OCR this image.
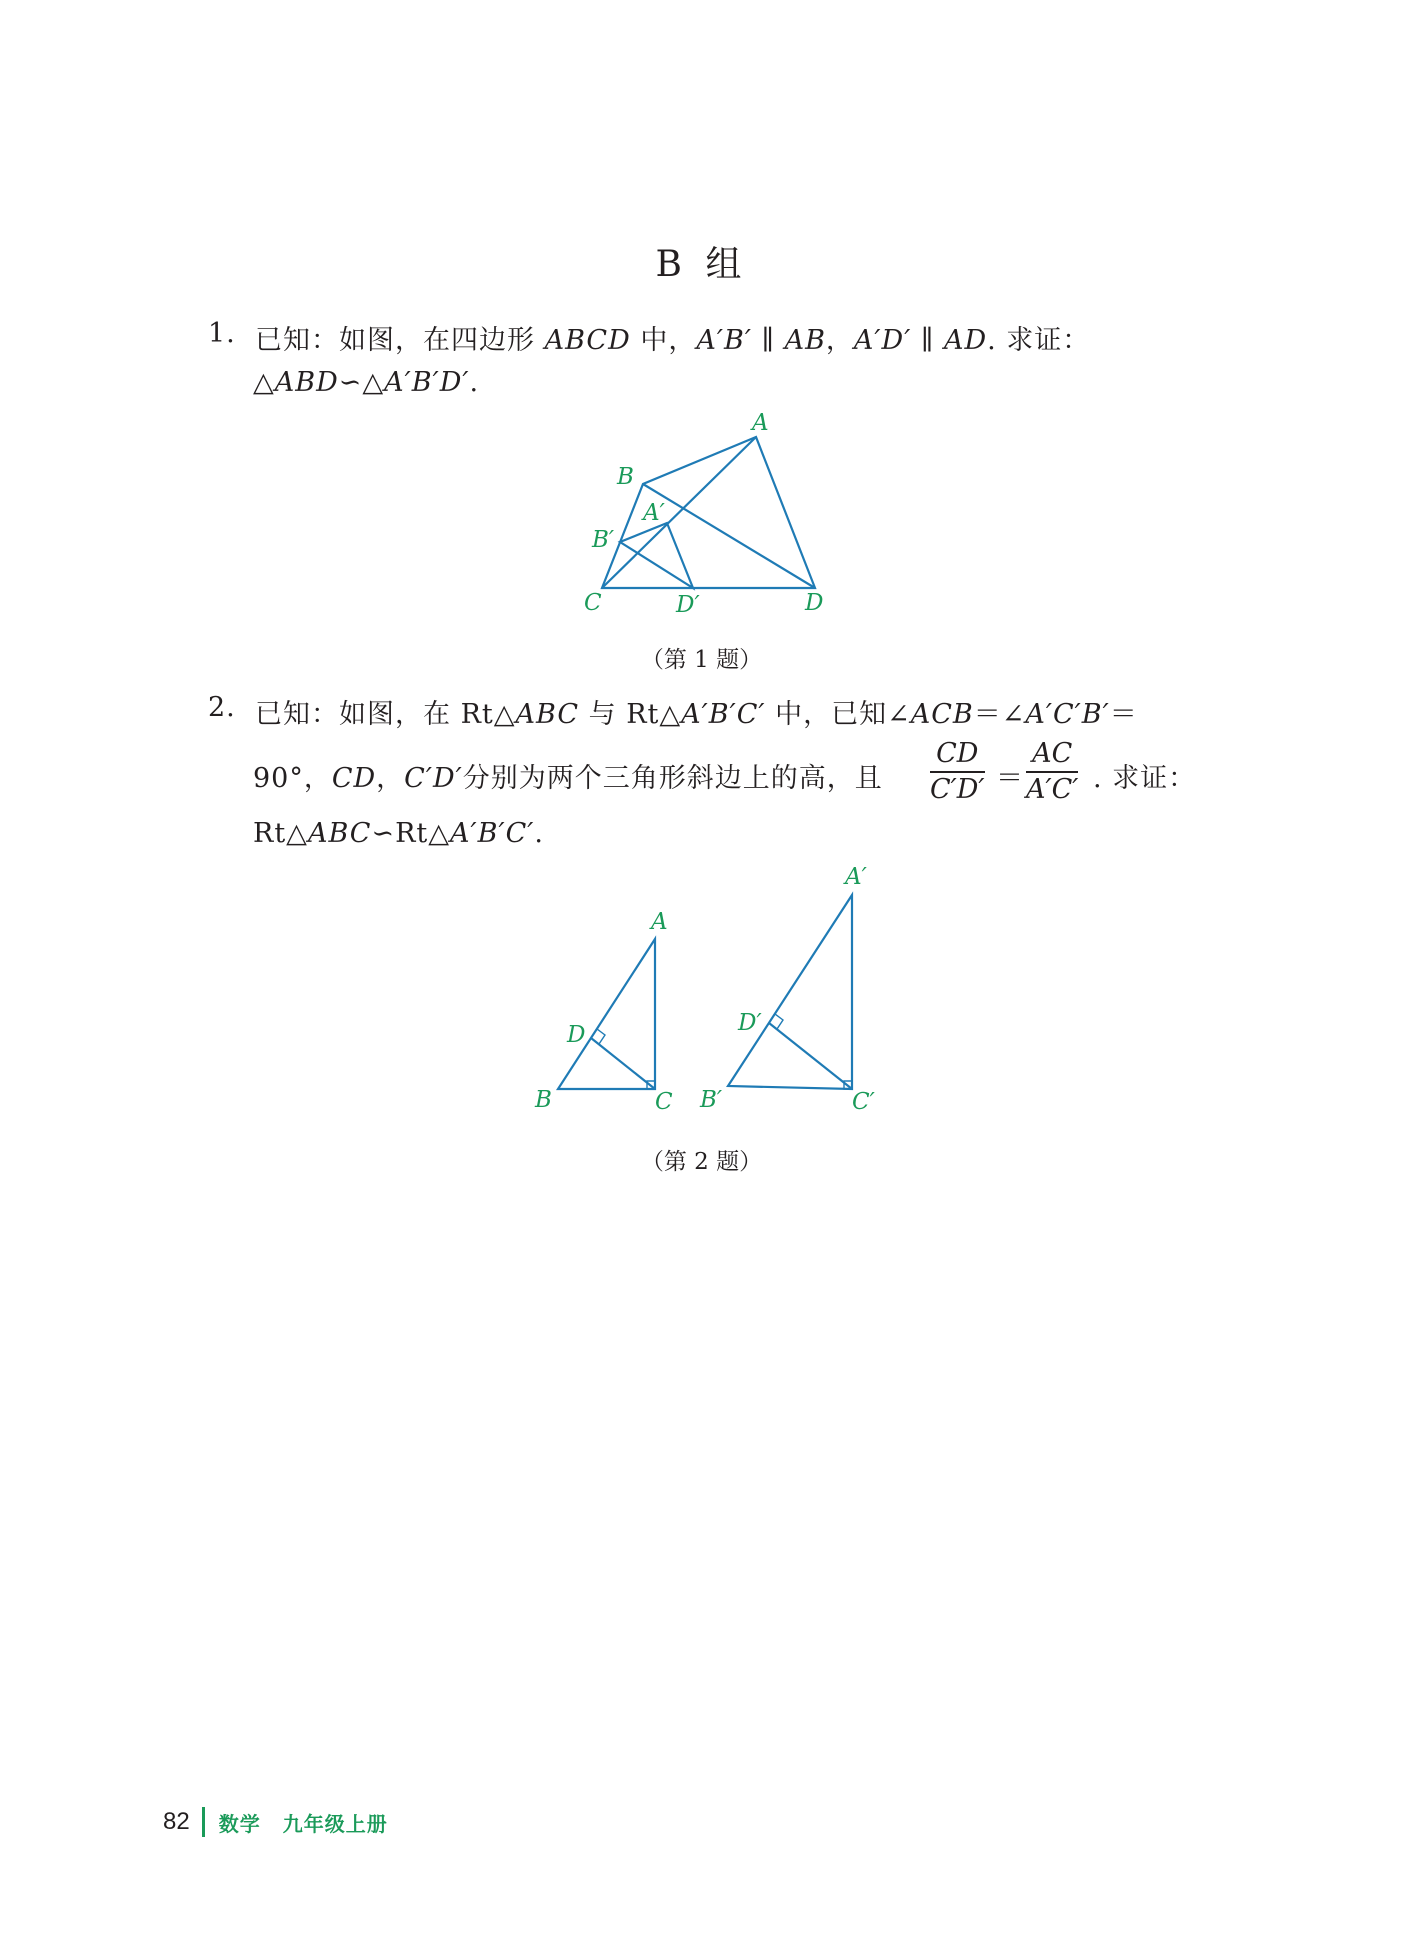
B 组
1. 已知：如图，在四边形 ABCD 中，A′B′ ∥ AB，A′D′ ∥ AD. 求证：
△ABD∽△A′B′D′.
A
B
A′
B′
C	D′	D
A
D
B	C
A′
D′
B′	C′
（第 1 题）
2. 已知：如图，在 Rt△ABC 与 Rt△A′B′C′ 中，已知∠ACB＝∠A′C′B′＝
90°，CD，C′D′分别为两个三角形斜边上的高，且 $\frac{CD}{C'D'} = \frac{AC}{A'C'}$ . 求证：
Rt△ABC∽Rt△A′B′C′.
（第 2 题）
82 数学 九年级上册
